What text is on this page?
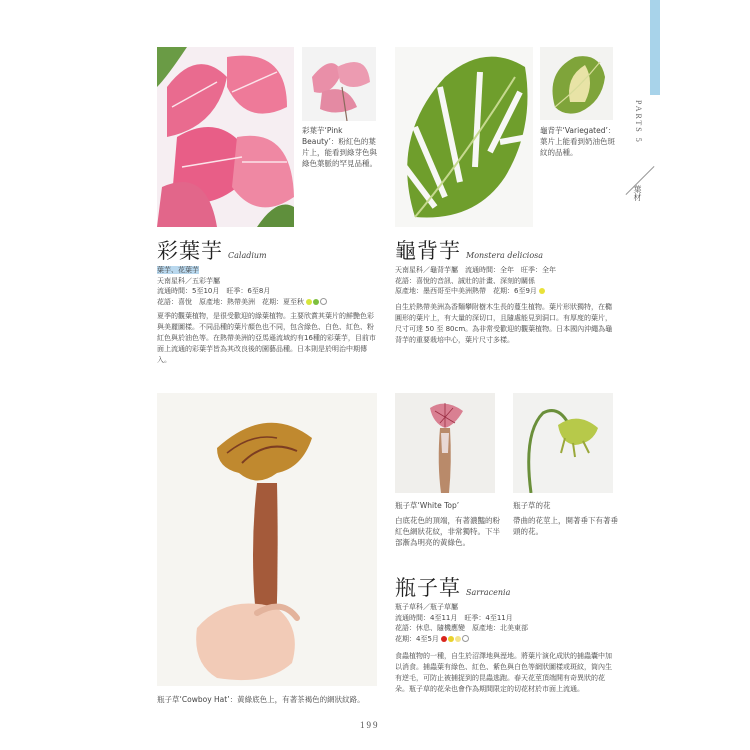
PARTS 5
葉材
彩葉芋‘Pink Beauty’：粉紅色的葉片上，能看到綠芽色與綠色葉脈的罕見品種。
彩葉芋 Caladium
葉芋、花葉芋
天南星科／五彩芋屬
流通時間：5至10月　旺季：6至8月
花語：喜悅　原產地：熱帶美洲　花期：夏至秋
夏季的觀葉植物，是很受歡迎的綠葉植物。主要欣賞其葉片的鮮艷色彩與美麗圖樣。不同品種的葉片顏色也不同，包含綠色、白色、紅色、粉紅色與於油色等。在熱帶美洲的亞馬遜流域約有16種的彩葉芋，目前市面上流通的彩葉芋皆為其改良後的園藝品種。日本則是於明治中期傳入。
龜背芋‘Variegated’：葉片上能看到奶油色斑紋的品種。
龜背芋 Monstera deliciosa
天南星科／龜背芋屬　流通時間：全年　旺季：全年
花語：喜悅的音訊、誠壯的計畫、深刻的關係
原產地：墨西哥至中美洲熱帶　花期：6至9月
自生於熱帶美洲為香麵攀附樹木生長的蔓生植物。葉片形狀獨特，在橢圓形的葉片上，有大量的深切口，且隨處能見到洞口。有厚度的葉片，尺寸可達 50 至 80cm。為非常受歡迎的觀葉植物。日本國內沖繩為龜背芋的重要栽培中心，葉片尺寸多樣。
瓶子草‘Cowboy Hat’：黃綠底色上，有著茶褐色的網狀紋路。
瓶子草‘White Top’
白底花色的頂端，有著濃豔的粉紅色網狀花紋，非常獨特。下半部漸為明亮的黃綠色。
瓶子草的花
帶曲的花莖上，開著垂下有著垂頭的花。
瓶子草 Sarracenia
瓶子草科／瓶子草屬
流通時間：4至11月　旺季：4至11月
花語：休息、隨機應變　原產地：北美東部
花期：4至5月
食蟲植物的一種，自生於沼澤地與溼地。將葉片演化成狀的捕蟲囊中加以消食。捕蟲葉有綠色、紅色、紫色與白色等網狀圖樣或斑紋，筒內生有逆毛，可防止被捕捉到的昆蟲逃跑。春天花莖頂端開有奇異狀的花朵。瓶子草的花朵也會作為期間限定的切花材於市面上流通。
199
